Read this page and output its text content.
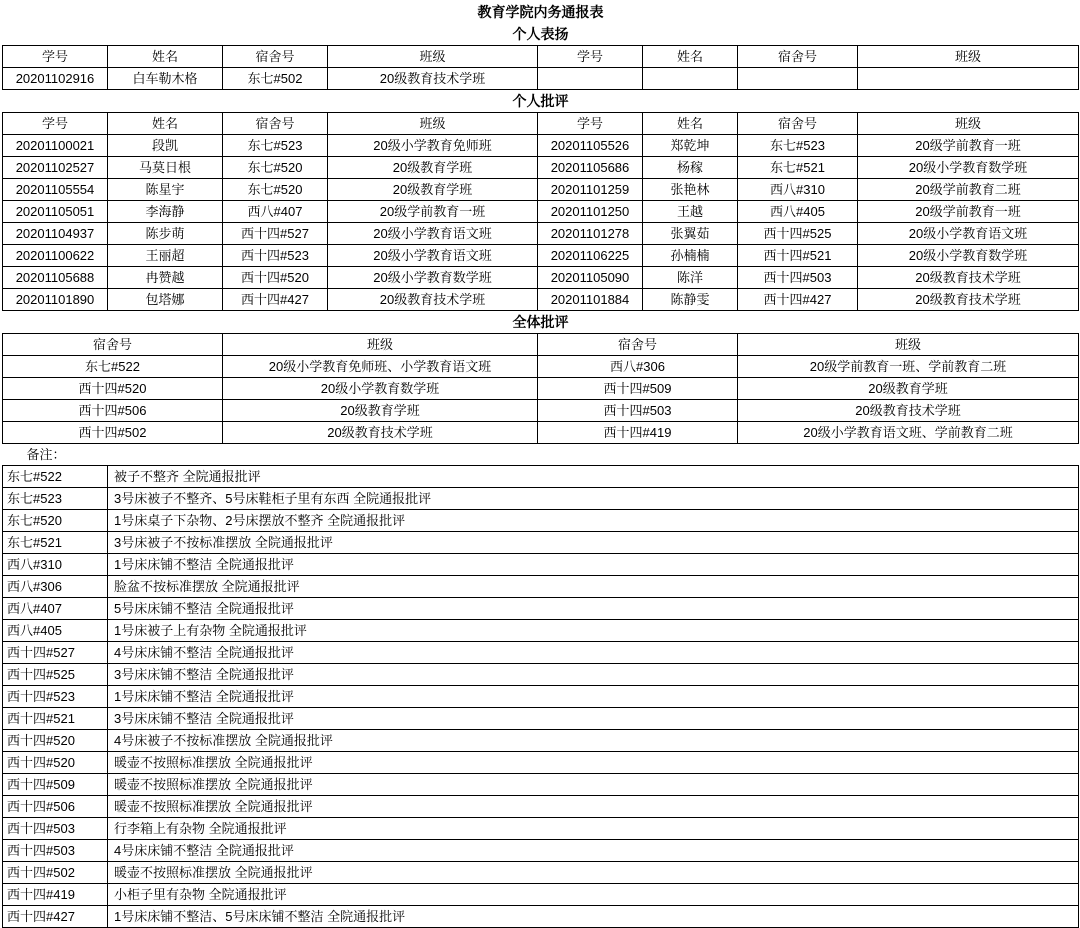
教育学院内务通报表							
个人表扬							
学号	姓名	宿舍号	班级	学号	姓名	宿舍号	班级
20201102916	白车勒木格	东七#502	20级教育技术学班				
个人批评							
学号	姓名	宿舍号	班级	学号	姓名	宿舍号	班级
20201100021	段凯	东七#523	20级小学教育免师班	20201105526	郑乾坤	东七#523	20级学前教育一班
20201102527	马莫日根	东七#520	20级教育学班	20201105686	杨稼	东七#521	20级小学教育数学班
20201105554	陈星宇	东七#520	20级教育学班	20201101259	张艳林	西八#310	20级学前教育二班
20201105051	李海静	西八#407	20级学前教育一班	20201101250	王越	西八#405	20级学前教育一班
20201104937	陈步萌	西十四#527	20级小学教育语文班	20201101278	张翼茹	西十四#525	20级小学教育语文班
20201100622	王丽超	西十四#523	20级小学教育语文班	20201106225	孙楠楠	西十四#521	20级小学教育数学班
20201105688	冉赞越	西十四#520	20级小学教育数学班	20201105090	陈洋	西十四#503	20级教育技术学班
20201101890	包塔娜	西十四#427	20级教育技术学班	20201101884	陈静雯	西十四#427	20级教育技术学班
全体批评							
宿舍号		班级		宿舍号		班级	
东七#522		20级小学教育免师班、小学教育语文班		西八#306		20级学前教育一班、学前教育二班	
西十四#520		20级小学教育数学班		西十四#509		20级教育学班	
西十四#506		20级教育学班		西十四#503		20级教育技术学班	
西十四#502		20级教育技术学班		西十四#419		20级小学教育语文班、学前教育二班	
备注：							
东七#522	被子不整齐 全院通报批评						
东七#523	3号床被子不整齐、5号床鞋柜子里有东西 全院通报批评						
东七#520	1号床桌子下杂物、2号床摆放不整齐 全院通报批评						
东七#521	3号床被子不按标准摆放 全院通报批评						
西八#310	1号床床铺不整洁 全院通报批评						
西八#306	脸盆不按标准摆放 全院通报批评						
西八#407	5号床床铺不整洁 全院通报批评						
西八#405	1号床被子上有杂物 全院通报批评						
西十四#527	4号床床铺不整洁 全院通报批评						
西十四#525	3号床床铺不整洁 全院通报批评						
西十四#523	1号床床铺不整洁 全院通报批评						
西十四#521	3号床床铺不整洁 全院通报批评						
西十四#520	4号床被子不按标准摆放 全院通报批评						
西十四#520	暖壶不按照标准摆放 全院通报批评						
西十四#509	暖壶不按照标准摆放 全院通报批评						
西十四#506	暖壶不按照标准摆放 全院通报批评						
西十四#503	行李箱上有杂物 全院通报批评						
西十四#503	4号床床铺不整洁 全院通报批评						
西十四#502	暖壶不按照标准摆放 全院通报批评						
西十四#419	小柜子里有杂物 全院通报批评						
西十四#427	1号床床铺不整洁、5号床床铺不整洁 全院通报批评						
